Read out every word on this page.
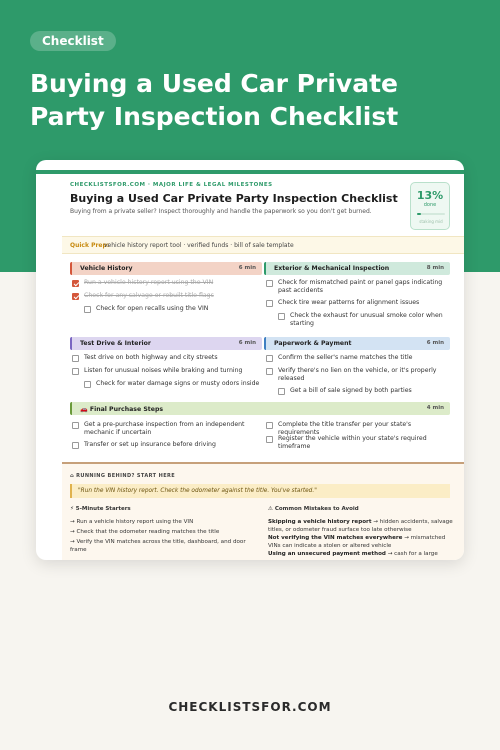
Checklist
Buying a Used Car Private Party Inspection Checklist
CHECKLISTSFOR.COM · MAJOR LIFE & LEGAL MILESTONES
Buying a Used Car Private Party Inspection Checklist
Buying from a private seller? Inspect thoroughly and handle the paperwork so you don't get burned.
13%
done
staking mid
Quick Prep:
vehicle history report tool · verified funds · bill of sale template
Vehicle History	6 min
Run a vehicle history report using the VIN
Check for any salvage or rebuilt title flags
Check for open recalls using the VIN
Exterior & Mechanical Inspection	8 min
Check for mismatched paint or panel gaps indicating past accidents
Check tire wear patterns for alignment issues
Check the exhaust for unusual smoke color when starting
Test Drive & Interior	6 min
Test drive on both highway and city streets
Listen for unusual noises while braking and turning
Check for water damage signs or musty odors inside
Paperwork & Payment	6 min
Confirm the seller's name matches the title
Verify there's no lien on the vehicle, or it's properly released
Get a bill of sale signed by both parties
🚗 Final Purchase Steps	4 min
Get a pre-purchase inspection from an independent mechanic if uncertain
Transfer or set up insurance before driving
Complete the title transfer per your state's requirements
Register the vehicle within your state's required timeframe
⌂ RUNNING BEHIND? START HERE
"Run the VIN history report. Check the odometer against the title. You've started."
⚡ 5-Minute Starters
→ Run a vehicle history report using the VIN
→ Check that the odometer reading matches the title
→ Verify the VIN matches across the title, dashboard, and door frame
⚠ Common Mistakes to Avoid
Skipping a vehicle history report → hidden accidents, salvage titles, or odometer fraud surface too late otherwise
Not verifying the VIN matches everywhere → mismatched VINs can indicate a stolen or altered vehicle
Using an unsecured payment method → cash for a large
CHECKLISTSFOR.COM
